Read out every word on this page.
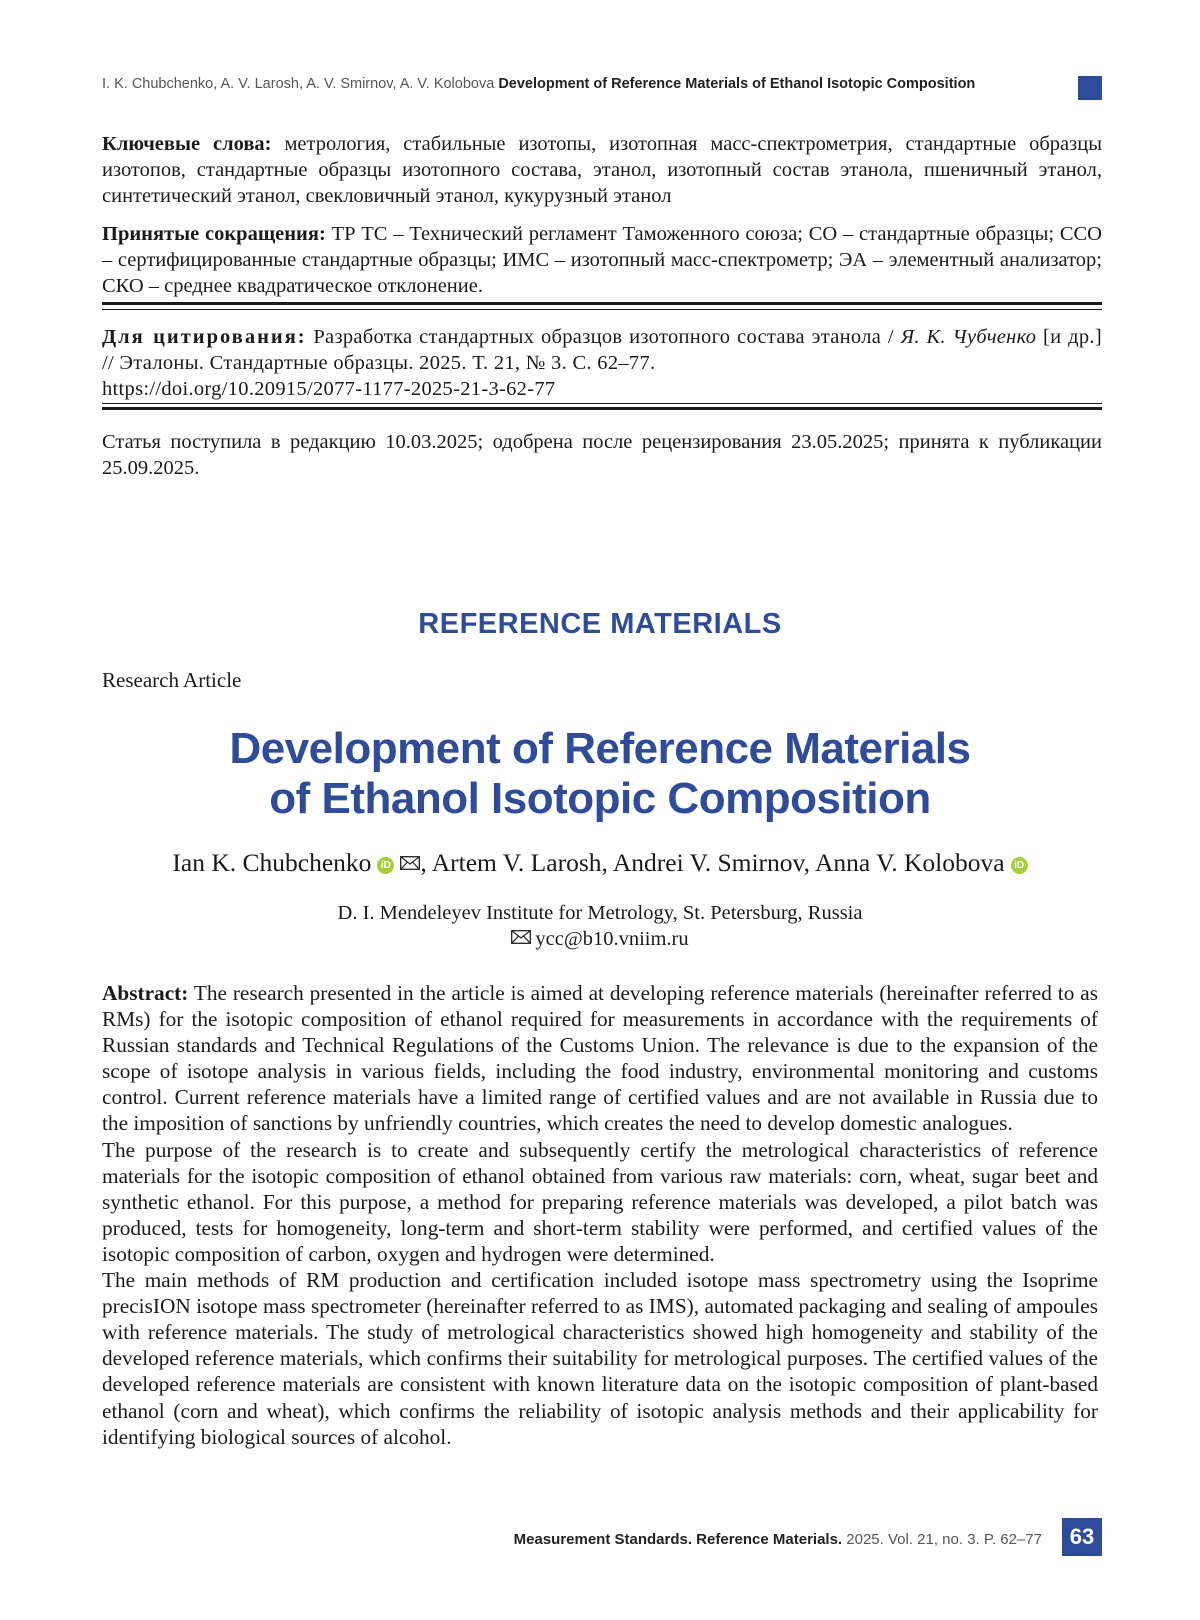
I. K. Chubchenko, A. V. Larosh, A. V. Smirnov, A. V. Kolobova Development of Reference Materials of Ethanol Isotopic Composition
Ключевые слова: метрология, стабильные изотопы, изотопная масс-спектрометрия, стандартные образцы изотопов, стандартные образцы изотопного состава, этанол, изотопный состав этанола, пшеничный этанол, синтетический этанол, свекловичный этанол, кукурузный этанол
Принятые сокращения: ТР ТС – Технический регламент Таможенного союза; СО – стандартные образцы; ССО – сертифицированные стандартные образцы; ИМС – изотопный масс-спектрометр; ЭА – элементный анализатор; СКО – среднее квадратическое отклонение.
Для цитирования: Разработка стандартных образцов изотопного состава этанола / Я. К. Чубченко [и др.] // Эталоны. Стандартные образцы. 2025. Т. 21, № 3. С. 62–77.
https://doi.org/10.20915/2077-1177-2025-21-3-62-77
Статья поступила в редакцию 10.03.2025; одобрена после рецензирования 23.05.2025; принята к публикации 25.09.2025.
REFERENCE MATERIALS
Research Article
Development of Reference Materials
of Ethanol Isotopic Composition
Ian K. Chubchenko iD , Artem V. Larosh, Andrei V. Smirnov, Anna V. Kolobova iD
D. I. Mendeleyev Institute for Metrology, St. Petersburg, Russia
ycc@b10.vniim.ru

Abstract: The research presented in the article is aimed at developing reference materials (hereinafter referred to as RMs) for the isotopic composition of ethanol required for measurements in accordance with the requirements of Russian standards and Technical Regulations of the Customs Union. The relevance is due to the expansion of the scope of isotope analysis in various fields, including the food industry, environmental monitoring and customs control. Current reference materials have a limited range of certified values and are not available in Russia due to the imposition of sanctions by unfriendly countries, which creates the need to develop domestic analogues.

The purpose of the research is to create and subsequently certify the metrological characteristics of reference materials for the isotopic composition of ethanol obtained from various raw materials: corn, wheat, sugar beet and synthetic ethanol. For this purpose, a method for preparing reference materials was developed, a pilot batch was produced, tests for homogeneity, long-term and short-term stability were performed, and certified values of the isotopic composition of carbon, oxygen and hydrogen were determined.

The main methods of RM production and certification included isotope mass spectrometry using the Isoprime precisION isotope mass spectrometer (hereinafter referred to as IMS), automated packaging and sealing of ampoules with reference materials. The study of metrological characteristics showed high homogeneity and stability of the developed reference materials, which confirms their suitability for metrological purposes. The certified values of the developed reference materials are consistent with known literature data on the isotopic composition of plant-based ethanol (corn and wheat), which confirms the reliability of isotopic analysis methods and their applicability for identifying biological sources of alcohol.

Measurement Standards. Reference Materials. 2025. Vol. 21, no. 3. P. 62–77	63
